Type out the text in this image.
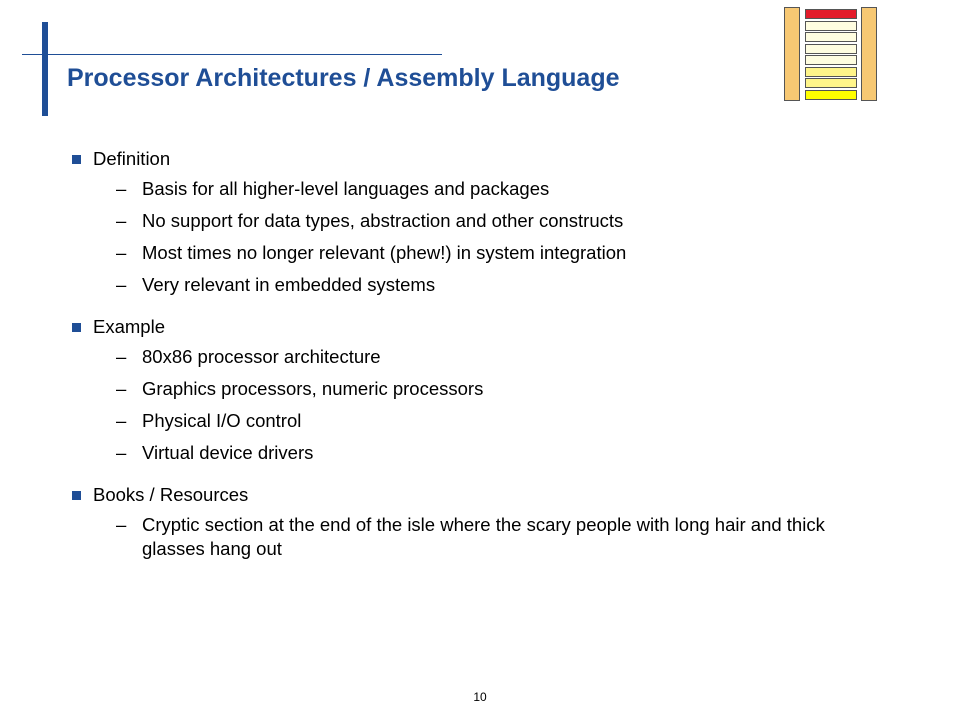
Processor Architectures / Assembly Language
Definition
– Basis for all higher-level languages and packages
– No support for data types, abstraction and other constructs
– Most times no longer relevant (phew!) in system integration
– Very relevant in embedded systems
Example
– 80x86 processor architecture
– Graphics processors, numeric processors
– Physical I/O control
– Virtual device drivers
Books / Resources
– Cryptic section at the end of the isle where the scary people with long hair and thick glasses hang out
10
